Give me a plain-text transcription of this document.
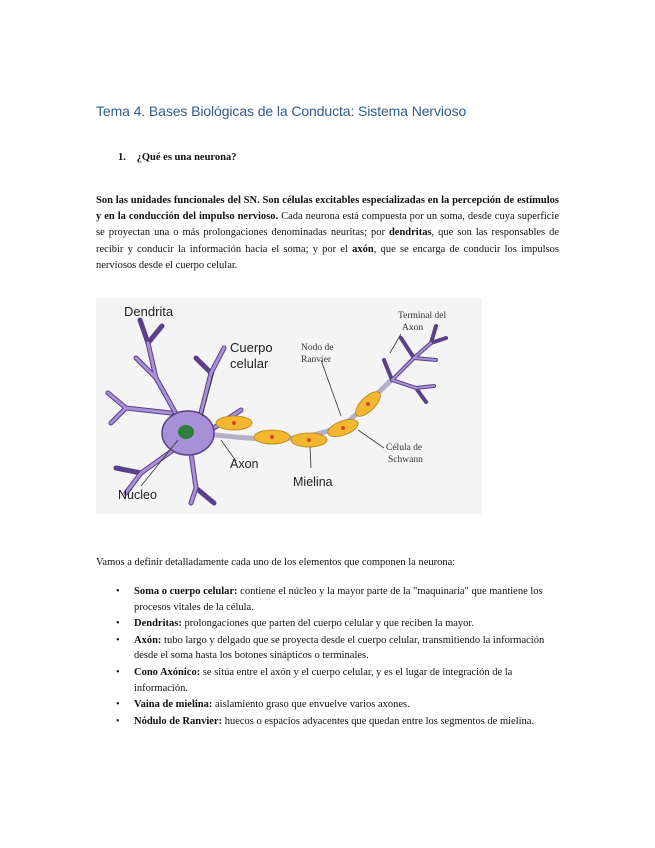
Tema 4. Bases Biológicas de la Conducta: Sistema Nervioso
1. ¿Qué es una neurona?

Son las unidades funcionales del SN. Son células excitables especializadas en la percepción de estímulos y en la conducción del impulso nervioso. Cada neurona está compuesta por un soma, desde cuya superficie se proyectan una o más prolongaciones denominadas neuritas; por dendritas, que son las responsables de recibir y conducir la información hacia el soma; y por el axón, que se encarga de conducir los impulsos nerviosos desde el cuerpo celular.

Dendrita
Cuerpo
celular
Nodo de
Ranvier
Terminal del
Axon
Célula de
Schwann
Axon
Mielina
Núcleo

Vamos a definir detalladamente cada uno de los elementos que componen la neurona:

• Soma o cuerpo celular: contiene el núcleo y la mayor parte de la "maquinaria" que mantiene los procesos vitales de la célula.
• Dendritas: prolongaciones que parten del cuerpo celular y que reciben la mayor.
• Axón: tubo largo y delgado que se proyecta desde el cuerpo celular, transmitiendo la información desde el soma hasta los botones sinápticos o terminales.
• Cono Axónico: se sitúa entre el axón y el cuerpo celular, y es el lugar de integración de la información.
• Vaina de mielina: aislamiento graso que envuelve varios axones.
• Nódulo de Ranvier: huecos o espacios adyacentes que quedan entre los segmentos de mielina.
